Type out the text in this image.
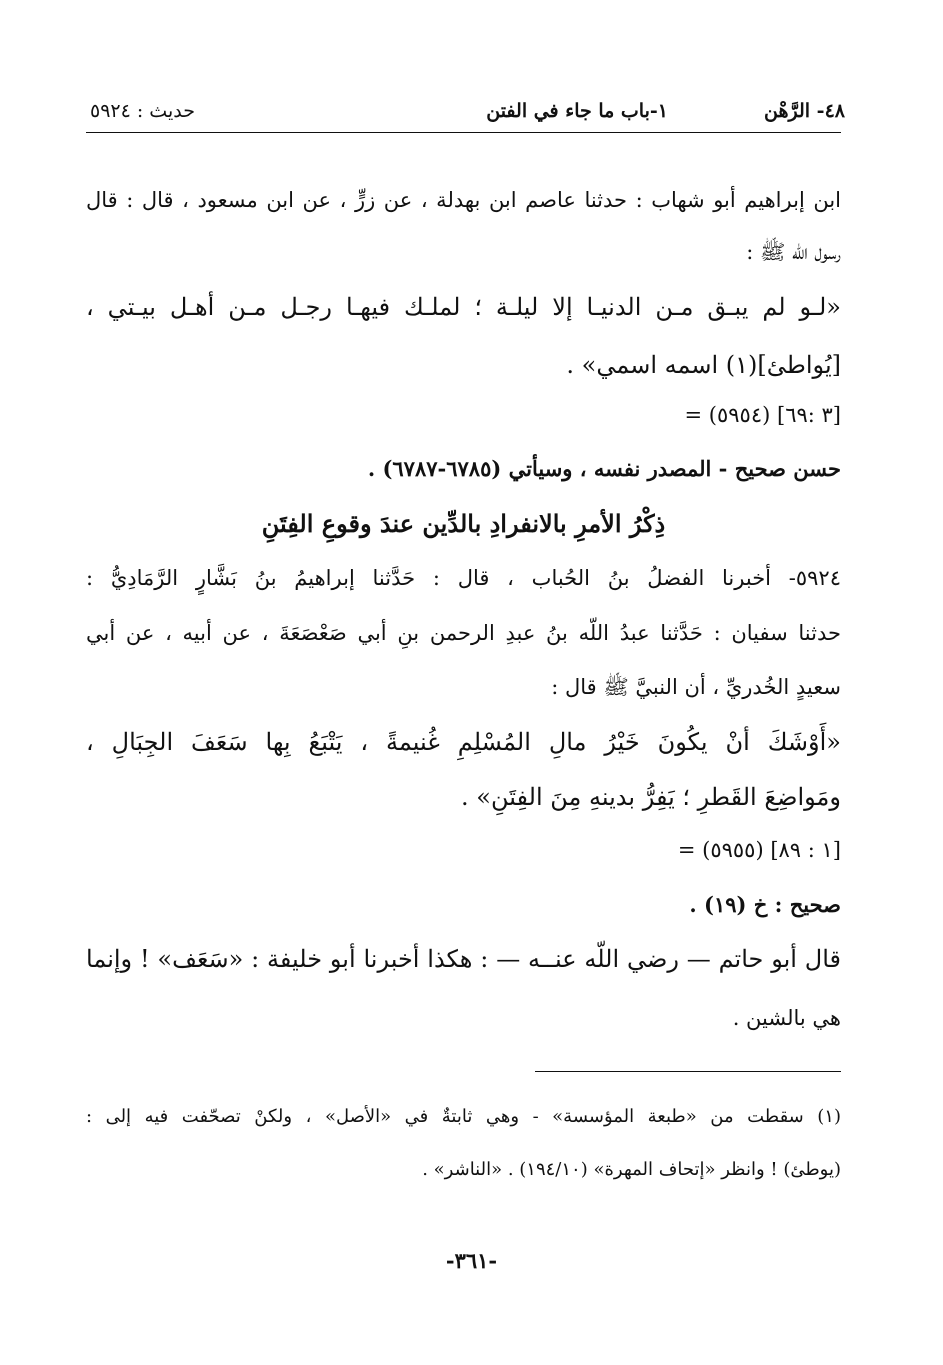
٤٨- الرَّهْن
١-باب ما جاء في الفتن
حديث : ٥٩٢٤
ابن إبراهيم أبو شهاب : حدثنا عاصم ابن بهدلة ، عن زرٍّ ، عن ابن مسعود ، قال : قال
رسول اللّه ﷺ :
«لـو لم يبـق مـن الدنيـا إلا ليلـة ؛ لملـك فيهـا رجـل مـن أهـل بيـتي ،
[يُواطئ](١) اسمه اسمي» .
= (٥٩٥٤) [٣ :٦٩]
حسن صحيح - المصدر نفسه ، وسيأتي (٦٧٨٥-٦٧٨٧) .
ذِكْرُ الأمرِ بالانفرادِ بالدِّين عندَ وقوعِ الفِتَنِ
٥٩٢٤- أخبرنا الفضلُ بنُ الحُباب ، قال : حَدَّثنا إبراهيمُ بنُ بَشَّارٍ الرَّمَادِيُّ :
حدثنا سفيان : حَدَّثنا عبدُ اللّه بنُ عبدِ الرحمن بنِ أبي صَعْصَعَةَ ، عن أبيه ، عن أبي
سعيدٍ الخُدريِّ ، أن النبيَّ ﷺ قال :
«أَوْشَكَ أنْ يكُونَ خَيْرُ مالِ المُسْلِمِ غُنيمةً ، يَتْبَعُ بِها سَعَفَ الجِبَالِ ،
ومَواضِعَ القَطرِ ؛ يَفِرُّ بدينهِ مِنَ الفِتَنِ» .
= (٥٩٥٥) [١ : ٨٩]
صحيح : خ (١٩) .
قال أبو حاتم — رضي اللّه عنــه — : هكذا أخبرنا أبو خليفة : «سَعَف» ! وإنما
هي بالشين .
(١) سقطت من «طبعة المؤسسة» - وهي ثابتةٌ في «الأصل» ، ولكنْ تصحّفت فيه إلى :
(يوطئ) ! وانظر «إتحاف المهرة» (١٩٤/١٠) . «الناشر» .
-٣٦١-
